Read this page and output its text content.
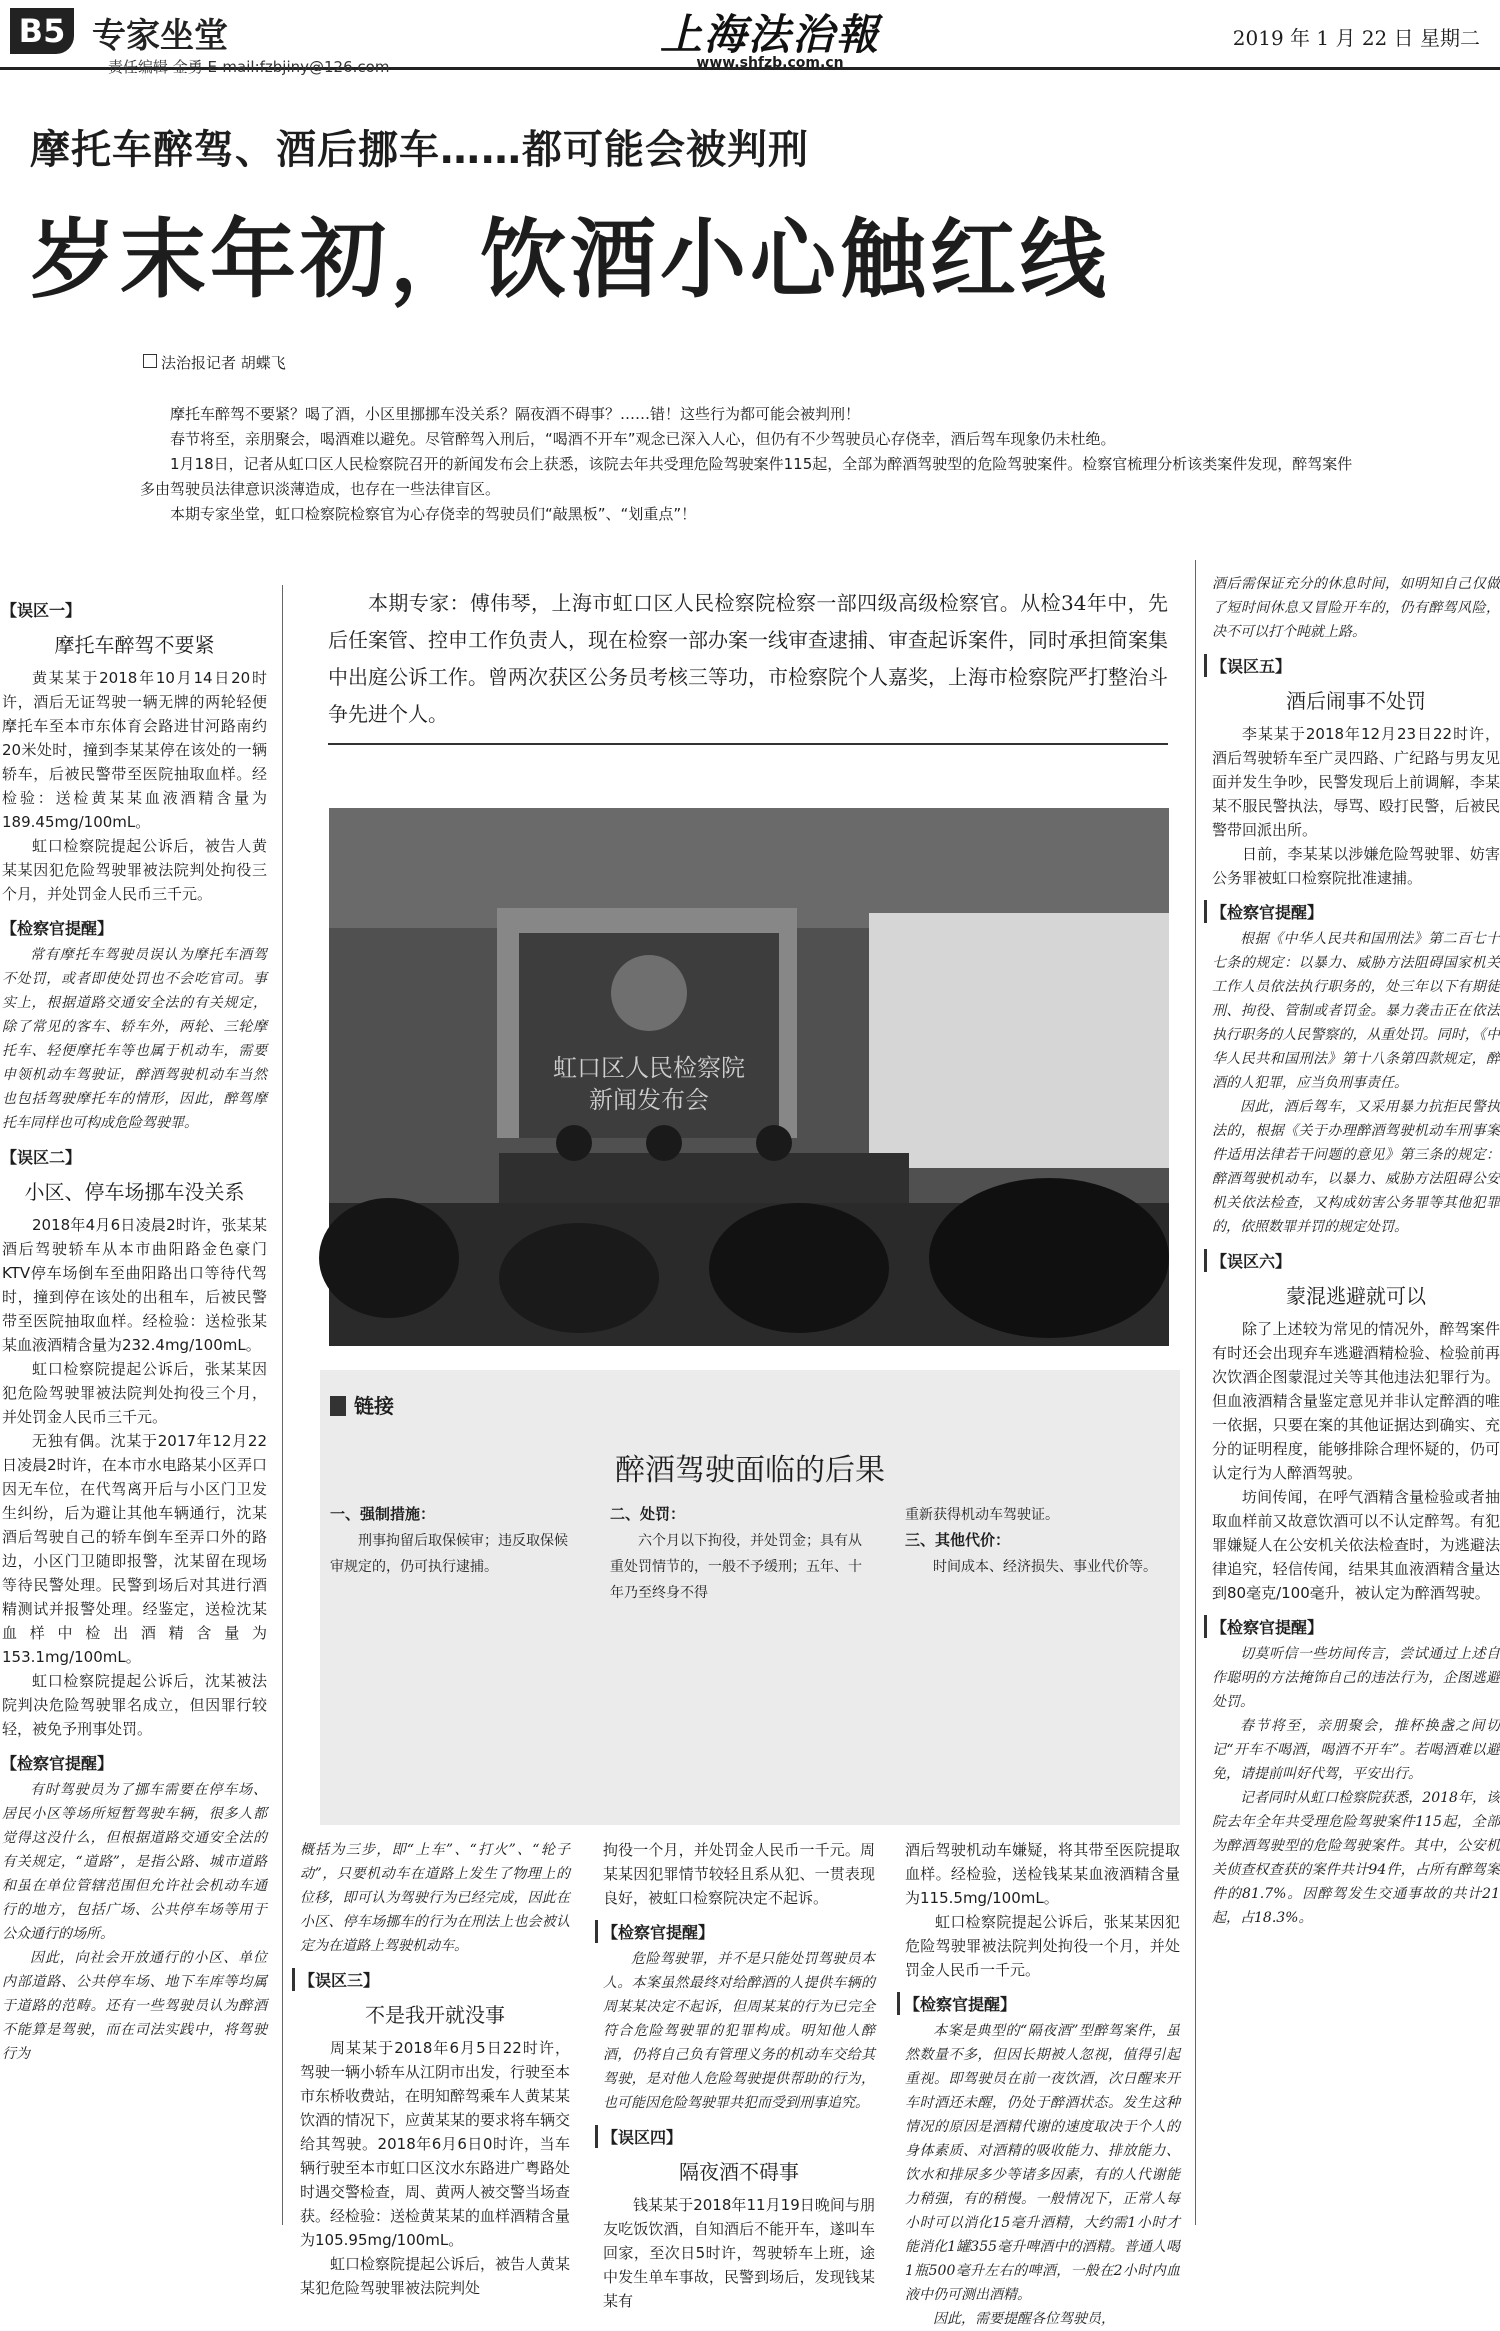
B5 专家坐堂
责任编辑 金勇 E-mail:fzbjiny@126.com
上海法治報
www.shfzb.com.cn
2019 年 1 月 22 日 星期二
摩托车醉驾、酒后挪车……都可能会被判刑
岁末年初，饮酒小心触红线
法治报记者 胡蝶飞

摩托车醉驾不要紧？喝了酒，小区里挪挪车没关系？隔夜酒不碍事？……错！这些行为都可能会被判刑！

春节将至，亲朋聚会，喝酒难以避免。尽管醉驾入刑后，“喝酒不开车”观念已深入人心，但仍有不少驾驶员心存侥幸，酒后驾车现象仍未杜绝。

1月18日，记者从虹口区人民检察院召开的新闻发布会上获悉，该院去年共受理危险驾驶案件115起，全部为醉酒驾驶型的危险驾驶案件。检察官梳理分析该类案件发现，醉驾案件多由驾驶员法律意识淡薄造成，也存在一些法律盲区。

本期专家坐堂，虹口检察院检察官为心存侥幸的驾驶员们“敲黑板”、“划重点”！

【误区一】
摩托车醉驾不要紧

黄某某于2018年10月14日20时许，酒后无证驾驶一辆无牌的两轮轻便摩托车至本市东体育会路进甘河路南约20米处时，撞到李某某停在该处的一辆轿车，后被民警带至医院抽取血样。经检验：送检黄某某血液酒精含量为189.45mg/100mL。

虹口检察院提起公诉后，被告人黄某某因犯危险驾驶罪被法院判处拘役三个月，并处罚金人民币三千元。

【检察官提醒】

常有摩托车驾驶员误认为摩托车酒驾不处罚，或者即使处罚也不会吃官司。事实上，根据道路交通安全法的有关规定，除了常见的客车、轿车外，两轮、三轮摩托车、轻便摩托车等也属于机动车，需要申领机动车驾驶证，醉酒驾驶机动车当然也包括驾驶摩托车的情形，因此，醉驾摩托车同样也可构成危险驾驶罪。

【误区二】
小区、停车场挪车没关系

2018年4月6日凌晨2时许，张某某酒后驾驶轿车从本市曲阳路金色豪门KTV停车场倒车至曲阳路出口等待代驾时，撞到停在该处的出租车，后被民警带至医院抽取血样。经检验：送检张某某血液酒精含量为232.4mg/100mL。

虹口检察院提起公诉后，张某某因犯危险驾驶罪被法院判处拘役三个月，并处罚金人民币三千元。

无独有偶。沈某于2017年12月22日凌晨2时许，在本市水电路某小区弄口因无车位，在代驾离开后与小区门卫发生纠纷，后为避让其他车辆通行，沈某酒后驾驶自己的轿车倒车至弄口外的路边，小区门卫随即报警，沈某留在现场等待民警处理。民警到场后对其进行酒精测试并报警处理。经鉴定，送检沈某血样中检出酒精含量为153.1mg/100mL。

虹口检察院提起公诉后，沈某被法院判决危险驾驶罪名成立，但因罪行较轻，被免予刑事处罚。

【检察官提醒】

有时驾驶员为了挪车需要在停车场、居民小区等场所短暂驾驶车辆，很多人都觉得这没什么，但根据道路交通安全法的有关规定，“道路”，是指公路、城市道路和虽在单位管辖范围但允许社会机动车通行的地方，包括广场、公共停车场等用于公众通行的场所。

因此，向社会开放通行的小区、单位内部道路、公共停车场、地下车库等均属于道路的范畴。还有一些驾驶员认为醉酒不能算是驾驶，而在司法实践中，将驾驶行为

本期专家：傅伟琴，上海市虹口区人民检察院检察一部四级高级检察官。从检34年中，先后任案管、控申工作负责人，现在检察一部办案一线审查逮捕、审查起诉案件，同时承担简案集中出庭公诉工作。曾两次获区公务员考核三等功，市检察院个人嘉奖，上海市检察院严打整治斗争先进个人。
虹口区人民检察院
新闻发布会
链接
醉酒驾驶面临的后果
一、强制措施：
刑事拘留后取保候审；违反取保候审规定的，仍可执行逮捕。
二、处罚：
六个月以下拘役，并处罚金；具有从重处罚情节的，一般不予缓刑；五年、十年乃至终身不得
重新获得机动车驾驶证。
三、其他代价：
时间成本、经济损失、事业代价等。

概括为三步，即“上车”、“打火”、“轮子动”，只要机动车在道路上发生了物理上的位移，即可认为驾驶行为已经完成，因此在小区、停车场挪车的行为在刑法上也会被认定为在道路上驾驶机动车。

【误区三】
不是我开就没事

周某某于2018年6月5日22时许，驾驶一辆小轿车从江阴市出发，行驶至本市东桥收费站，在明知醉驾乘车人黄某某饮酒的情况下，应黄某某的要求将车辆交给其驾驶。2018年6月6日0时许，当车辆行驶至本市虹口区汶水东路进广粤路处时遇交警检查，周、黄两人被交警当场查获。经检验：送检黄某某的血样酒精含量为105.95mg/100mL。

虹口检察院提起公诉后，被告人黄某某犯危险驾驶罪被法院判处

拘役一个月，并处罚金人民币一千元。周某某因犯罪情节较轻且系从犯、一贯表现良好，被虹口检察院决定不起诉。

【检察官提醒】

危险驾驶罪，并不是只能处罚驾驶员本人。本案虽然最终对给醉酒的人提供车辆的周某某决定不起诉，但周某某的行为已完全符合危险驾驶罪的犯罪构成。明知他人醉酒，仍将自己负有管理义务的机动车交给其驾驶，是对他人危险驾驶提供帮助的行为，也可能因危险驾驶罪共犯而受到刑事追究。

【误区四】
隔夜酒不碍事

钱某某于2018年11月19日晚间与朋友吃饭饮酒，自知酒后不能开车，遂叫车回家，至次日5时许，驾驶轿车上班，途中发生单车事故，民警到场后，发现钱某某有

酒后驾驶机动车嫌疑，将其带至医院提取血样。经检验，送检钱某某血液酒精含量为115.5mg/100mL。

虹口检察院提起公诉后，张某某因犯危险驾驶罪被法院判处拘役一个月，并处罚金人民币一千元。

【检察官提醒】

本案是典型的“隔夜酒”型醉驾案件，虽然数量不多，但因长期被人忽视，值得引起重视。即驾驶员在前一夜饮酒，次日醒来开车时酒还未醒，仍处于醉酒状态。发生这种情况的原因是酒精代谢的速度取决于个人的身体素质、对酒精的吸收能力、排放能力、饮水和排尿多少等诸多因素，有的人代谢能力稍强，有的稍慢。一般情况下，正常人每小时可以消化15毫升酒精，大约需1小时才能消化1罐355毫升啤酒中的酒精。普通人喝1瓶500毫升左右的啤酒，一般在2小时内血液中仍可测出酒精。

因此，需要提醒各位驾驶员，

酒后需保证充分的休息时间，如明知自己仅做了短时间休息又冒险开车的，仍有醉驾风险，决不可以打个盹就上路。

【误区五】
酒后闹事不处罚

李某某于2018年12月23日22时许，酒后驾驶轿车至广灵四路、广纪路与男友见面并发生争吵，民警发现后上前调解，李某某不服民警执法，辱骂、殴打民警，后被民警带回派出所。

日前，李某某以涉嫌危险驾驶罪、妨害公务罪被虹口检察院批准逮捕。

【检察官提醒】

根据《中华人民共和国刑法》第二百七十七条的规定：以暴力、威胁方法阻碍国家机关工作人员依法执行职务的，处三年以下有期徒刑、拘役、管制或者罚金。暴力袭击正在依法执行职务的人民警察的，从重处罚。同时，《中华人民共和国刑法》第十八条第四款规定，醉酒的人犯罪，应当负刑事责任。

因此，酒后驾车，又采用暴力抗拒民警执法的，根据《关于办理醉酒驾驶机动车刑事案件适用法律若干问题的意见》第三条的规定：醉酒驾驶机动车，以暴力、威胁方法阻碍公安机关依法检查，又构成妨害公务罪等其他犯罪的，依照数罪并罚的规定处罚。

【误区六】
蒙混逃避就可以

除了上述较为常见的情况外，醉驾案件有时还会出现弃车逃避酒精检验、检验前再次饮酒企图蒙混过关等其他违法犯罪行为。但血液酒精含量鉴定意见并非认定醉酒的唯一依据，只要在案的其他证据达到确实、充分的证明程度，能够排除合理怀疑的，仍可认定行为人醉酒驾驶。

坊间传闻，在呼气酒精含量检验或者抽取血样前又故意饮酒可以不认定醉驾。有犯罪嫌疑人在公安机关依法检查时，为逃避法律追究，轻信传闻，结果其血液酒精含量达到80毫克/100毫升，被认定为醉酒驾驶。

【检察官提醒】

切莫听信一些坊间传言，尝试通过上述自作聪明的方法掩饰自己的违法行为，企图逃避处罚。

春节将至，亲朋聚会，推杯换盏之间切记“开车不喝酒，喝酒不开车”。若喝酒难以避免，请提前叫好代驾，平安出行。

记者同时从虹口检察院获悉，2018年，该院去年全年共受理危险驾驶案件115起，全部为醉酒驾驶型的危险驾驶案件。其中，公安机关侦查权查获的案件共计94件，占所有醉驾案件的81.7%。因醉驾发生交通事故的共计21起，占18.3%。
